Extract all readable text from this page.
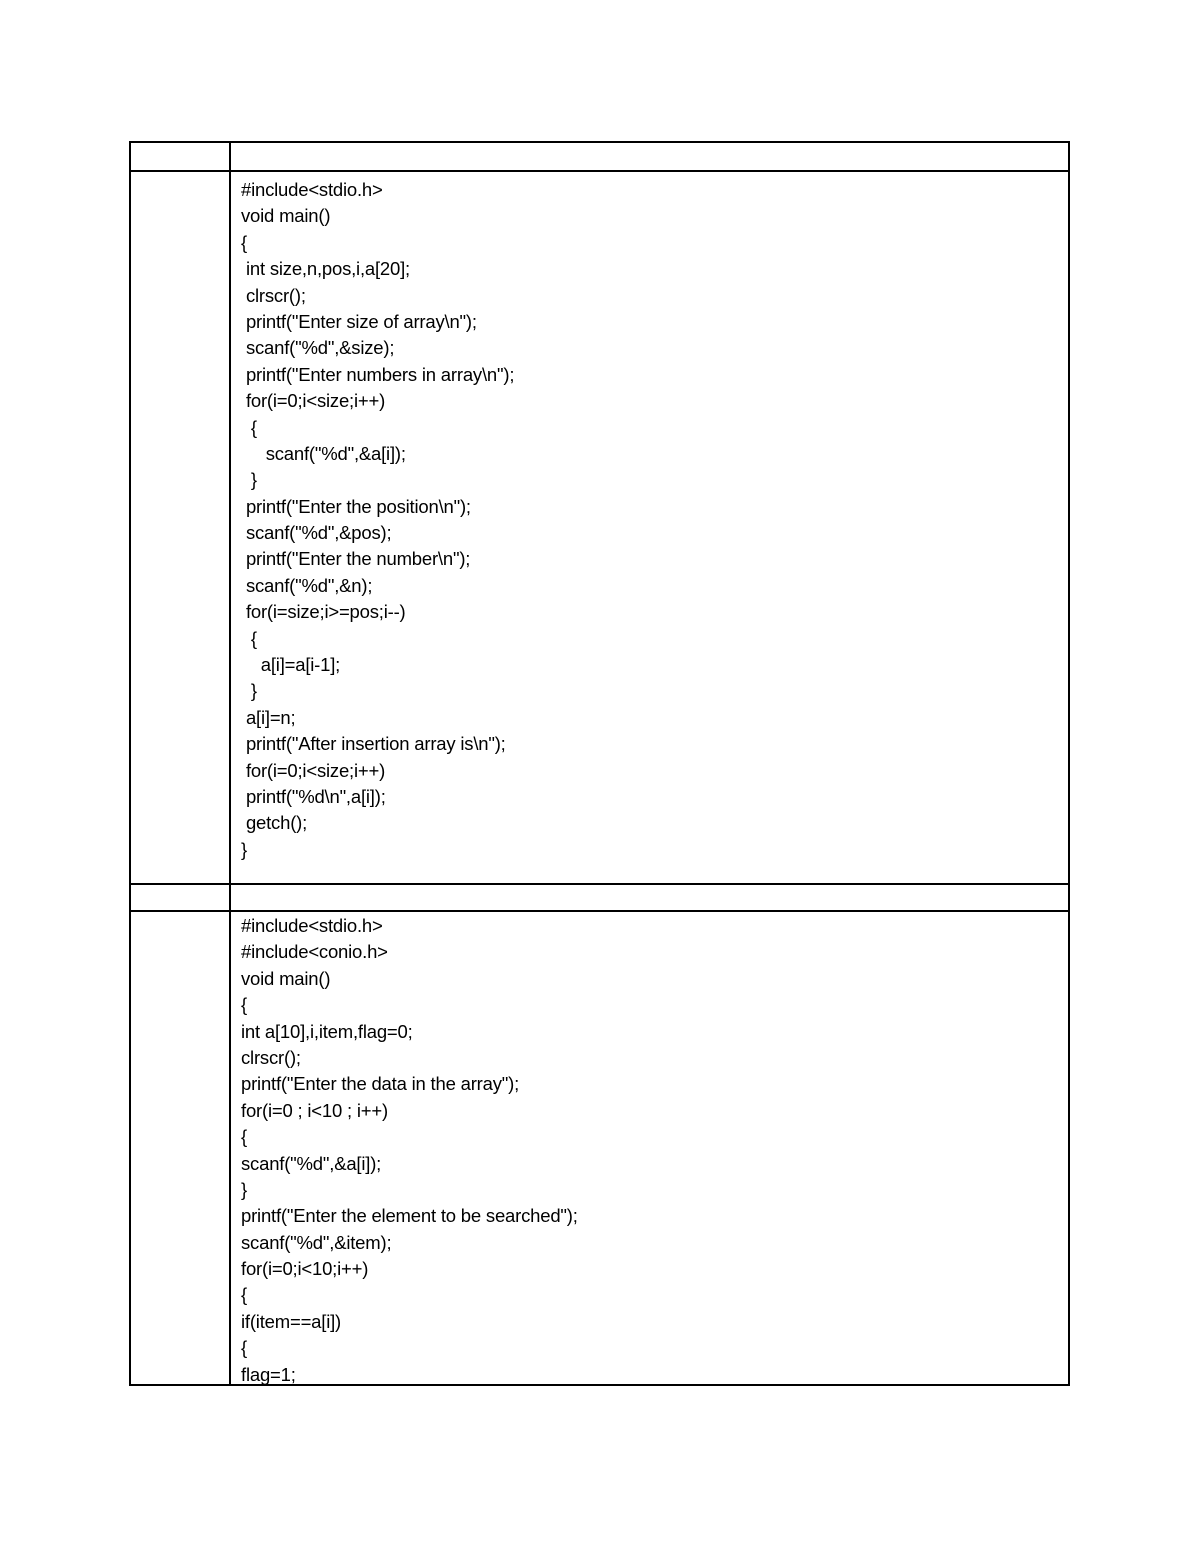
#include<stdio.h>
void main()
{
int size,n,pos,i,a[20];
clrscr();
printf("Enter size of array\n");
scanf("%d",&size);
printf("Enter numbers in array\n");
for(i=0;i<size;i++)
{
scanf("%d",&a[i]);
}
printf("Enter the position\n");
scanf("%d",&pos);
printf("Enter the number\n");
scanf("%d",&n);
for(i=size;i>=pos;i--)
{
a[i]=a[i-1];
}
a[i]=n;
printf("After insertion array is\n");
for(i=0;i<size;i++)
printf("%d\n",a[i]);
getch();
}
#include<stdio.h>
#include<conio.h>
void main()
{
int a[10],i,item,flag=0;
clrscr();
printf("Enter the data in the array");
for(i=0 ; i<10 ; i++)
{
scanf("%d",&a[i]);
}
printf("Enter the element to be searched");
scanf("%d",&item);
for(i=0;i<10;i++)
{
if(item==a[i])
{
flag=1;
